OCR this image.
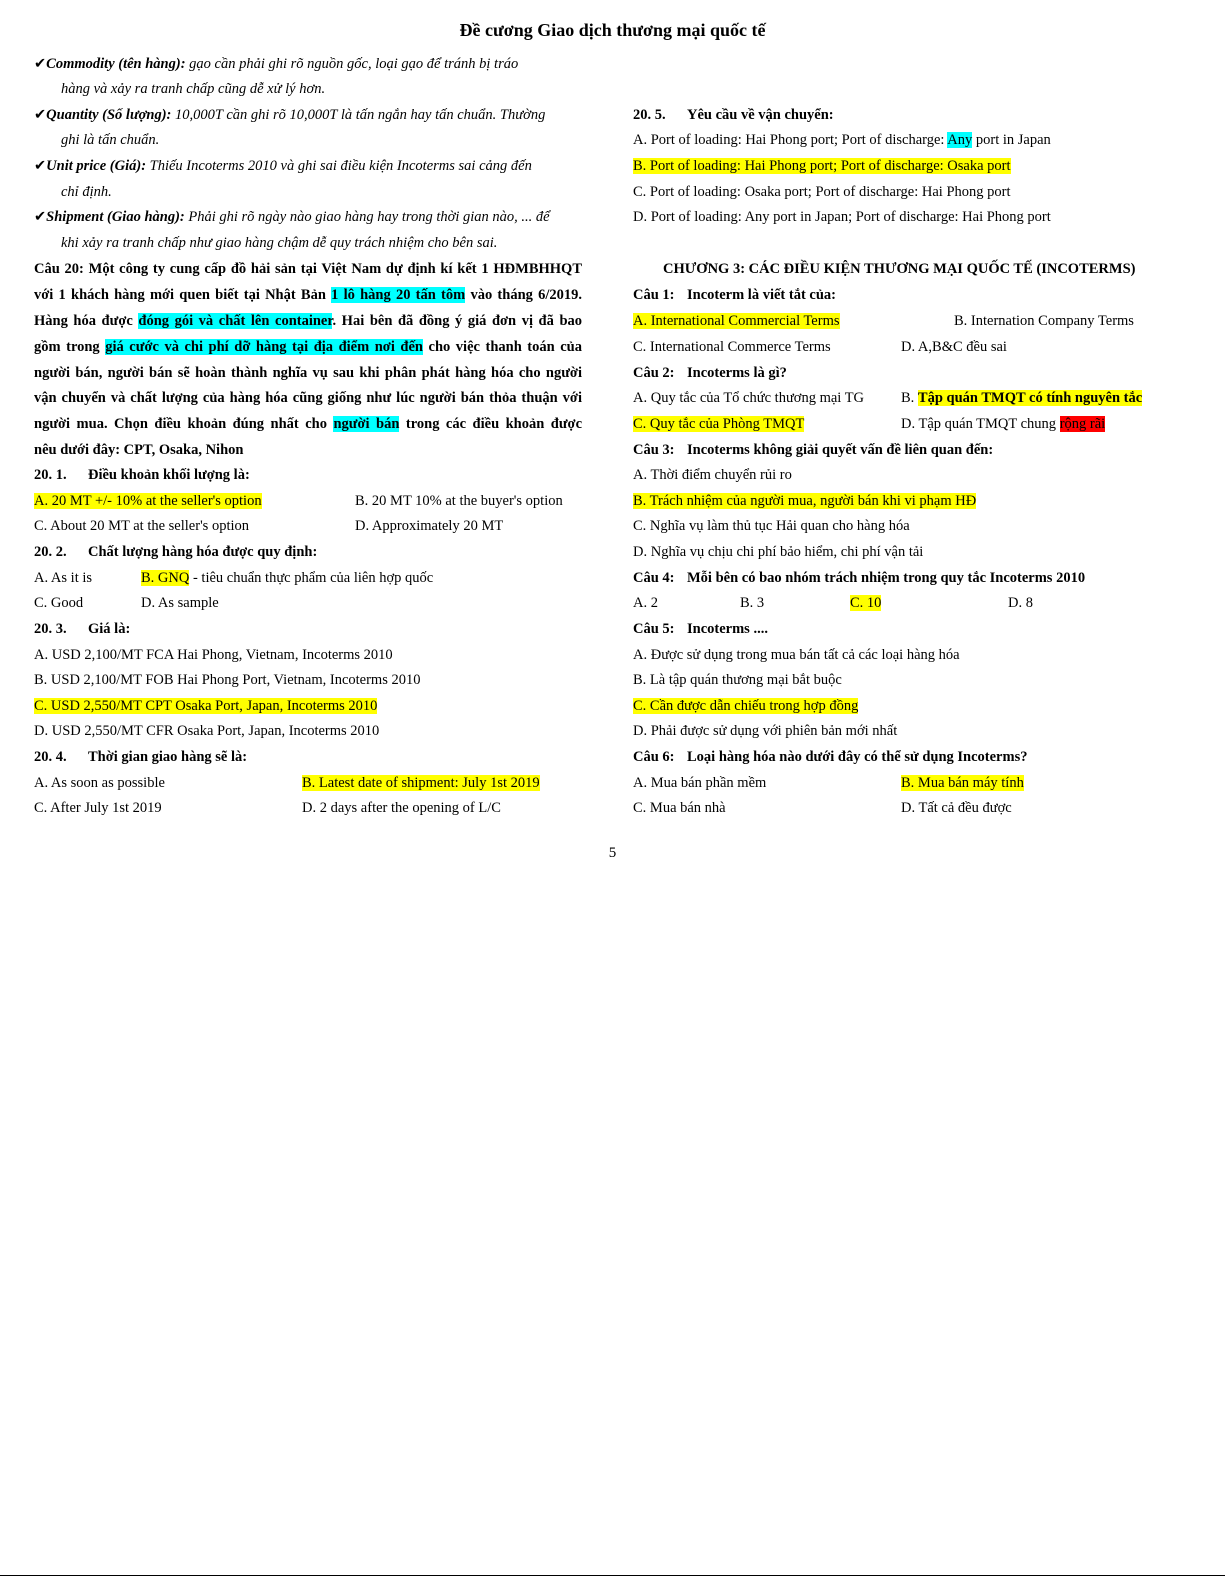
Đề cương Giao dịch thương mại quốc tế
✔Commodity (tên hàng): gạo cần phải ghi rõ nguồn gốc, loại gạo để tránh bị tráo
hàng và xảy ra tranh chấp cũng dễ xử lý hơn.
✔Quantity (Số lượng): 10,000T cần ghi rõ 10,000T là tấn ngắn hay tấn chuẩn. Thường
ghi là tấn chuẩn.
✔Unit price (Giá): Thiếu Incoterms 2010 và ghi sai điều kiện Incoterms sai cảng đến
chỉ định.
✔Shipment (Giao hàng): Phải ghi rõ ngày nào giao hàng hay trong thời gian nào, ... để
khi xảy ra tranh chấp như giao hàng chậm dễ quy trách nhiệm cho bên sai.
Câu 20: Một công ty cung cấp đồ hải sản tại Việt Nam dự định kí kết 1 HĐMBHHQT
với 1 khách hàng mới quen biết tại Nhật Bản 1 lô hàng 20 tấn tôm vào tháng 6/2019.
Hàng hóa được đóng gói và chất lên container. Hai bên đã đồng ý giá đơn vị đã bao
gồm trong giá cước và chi phí dỡ hàng tại địa điểm nơi đến cho việc thanh toán của
người bán, người bán sẽ hoàn thành nghĩa vụ sau khi phân phát hàng hóa cho người
vận chuyển và chất lượng của hàng hóa cũng giống như lúc người bán thỏa thuận với
người mua. Chọn điều khoản đúng nhất cho người bán trong các điều khoản được
nêu dưới đây: CPT, Osaka, Nihon
20. 1. Điều khoản khối lượng là:
A. 20 MT +/- 10% at the seller's option	B. 20 MT 10% at the buyer's option
C. About 20 MT at the seller's option	D. Approximately 20 MT
20. 2. Chất lượng hàng hóa được quy định:
A. As it is	B. GNQ - tiêu chuẩn thực phẩm của liên hợp quốc
C. Good	D. As sample
20. 3. Giá là:
A. USD 2,100/MT FCA Hai Phong, Vietnam, Incoterms 2010
B. USD 2,100/MT FOB Hai Phong Port, Vietnam, Incoterms 2010
C. USD 2,550/MT CPT Osaka Port, Japan, Incoterms 2010
D. USD 2,550/MT CFR Osaka Port, Japan, Incoterms 2010
20. 4. Thời gian giao hàng sẽ là:
A. As soon as possible	B. Latest date of shipment: July 1st 2019
C. After July 1st 2019	D. 2 days after the opening of L/C
20. 5. Yêu cầu về vận chuyển:
A. Port of loading: Hai Phong port; Port of discharge: Any port in Japan
B. Port of loading: Hai Phong port; Port of discharge: Osaka port
C. Port of loading: Osaka port; Port of discharge: Hai Phong port
D. Port of loading: Any port in Japan; Port of discharge: Hai Phong port
CHƯƠNG 3: CÁC ĐIỀU KIỆN THƯƠNG MẠI QUỐC TẾ (INCOTERMS)
Câu 1: Incoterm là viết tắt của:
A. International Commercial Terms	B. Internation Company Terms
C. International Commerce Terms	D. A,B&C đều sai
Câu 2: Incoterms là gì?
A. Quy tắc của Tổ chức thương mại TG	B. Tập quán TMQT có tính nguyên tắc
C. Quy tắc của Phòng TMQT	D. Tập quán TMQT chung rộng rãi
Câu 3: Incoterms không giải quyết vấn đề liên quan đến:
A. Thời điểm chuyển rủi ro
B. Trách nhiệm của người mua, người bán khi vi phạm HĐ
C. Nghĩa vụ làm thủ tục Hải quan cho hàng hóa
D. Nghĩa vụ chịu chi phí bảo hiểm, chi phí vận tải
Câu 4: Mỗi bên có bao nhóm trách nhiệm trong quy tắc Incoterms 2010
A. 2	B. 3	C. 10	D. 8
Câu 5: Incoterms ....
A. Được sử dụng trong mua bán tất cả các loại hàng hóa
B. Là tập quán thương mại bắt buộc
C. Cần được dẫn chiếu trong hợp đồng
D. Phải được sử dụng với phiên bản mới nhất
Câu 6: Loại hàng hóa nào dưới đây có thể sử dụng Incoterms?
A. Mua bán phần mềm	B. Mua bán máy tính
C. Mua bán nhà	D. Tất cả đều được
5
